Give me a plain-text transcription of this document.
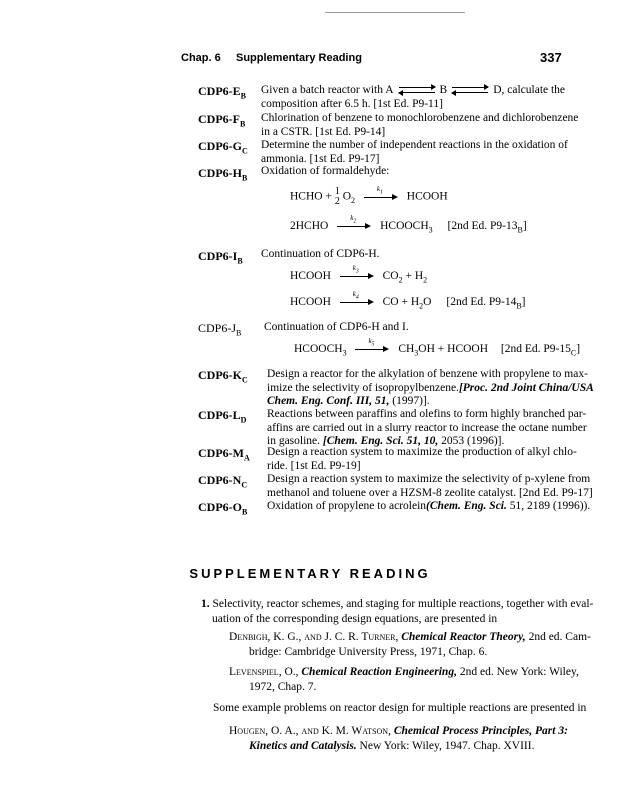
Chap. 6 Supplementary Reading	337
$CDP6-E_B$ Given a batch reactor with A	B	D, calculate the
composition after 6.5 h. [1st Ed. P9-11]
$CDP6-F_B$ Chlorination of benzene to monochlorobenzene and dichlorobenzene
in a CSTR. [1st Ed. P9-14]
$CDP6-G_C$ Determine the number of independent reactions in the oxidation of
ammonia. [1st Ed. P9-17]
$CDP6-H_B$
Oxidation of formaldehyde:
HCHO + 1
2 $O_2$
$k_1$ HCOOH
2HCHO
$k_2$ $HCOOCH_3$ [2nd Ed. $P9-13_B$]
$CDP6-I_B$
Continuation of CDP6-H.
HCOOH
$k_3$ $CO_2 + H_2$
HCOOH
$k_4$ CO + $H_2O$ [2nd Ed. $P9-14_B$]
$CDP6-J_B$ Continuation of CDP6-H and I.
$HCOOCH_3$
$k_5$ $CH_3OH$ + HCOOH [2nd Ed. $P9-15_C$]
$CDP6-K_C$ Design a reactor for the alkylation of benzene with propylene to max-
imize the selectivity of isopropylbenzene.[Proc. 2nd Joint China/USA
Chem. Eng. Conf. III, 51, (1997)].
$CDP6-L_D$ Reactions between paraffins and olefins to form highly branched par-
affins are carried out in a slurry reactor to increase the octane number
in gasoline. [Chem. Eng. Sci. 51, 10, 2053 (1996)].
$CDP6-M_A$ Design a reaction system to maximize the production of alkyl chlo-
ride. [1st Ed. P9-19]
$CDP6-N_C$ Design a reaction system to maximize the selectivity of p-xylene from
methanol and toluene over a HZSM-8 zeolite catalyst. [2nd Ed. P9-17]
$CDP6-O_B$ Oxidation of propylene to acrolein(Chem. Eng. Sci. 51, 2189 (1996)).
SUPPLEMENTARY READING
1. Selectivity, reactor schemes, and staging for multiple reactions, together with eval-
uation of the corresponding design equations, are presented in
Denbigh, K. G., and J. C. R. Turner, Chemical Reactor Theory, 2nd ed. Cam-
bridge: Cambridge University Press, 1971, Chap. 6.
Levenspiel, O., Chemical Reaction Engineering, 2nd ed. New York: Wiley,
1972, Chap. 7.
Some example problems on reactor design for multiple reactions are presented in
Hougen, O. A., and K. M. Watson, Chemical Process Principles, Part 3:
Kinetics and Catalysis. New York: Wiley, 1947. Chap. XVIII.
